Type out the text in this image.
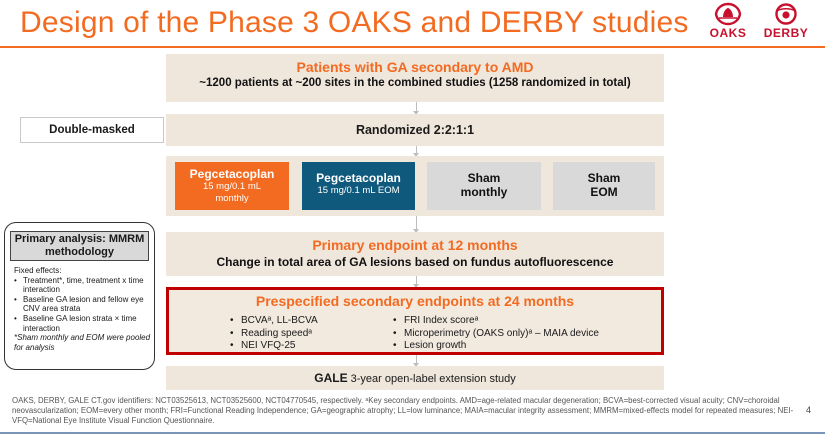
Design of the Phase 3 OAKS and DERBY studies	OAKS	DERBY
Patients with GA secondary to AMD
~1200 patients at ~200 sites in the combined studies (1258 randomized in total)
Double-masked	Randomized 2:2:1:1
Pegcetacoplan
15 mg/0.1 mL
monthly
Pegcetacoplan
15 mg/0.1 mL EOM
Sham
monthly
Sham
EOM
Primary endpoint at 12 months
Change in total area of GA lesions based on fundus autofluorescence
Prespecified secondary endpoints at 24 months
• BCVAᵃ, LL-BCVA
• Reading speedᵃ
• NEI VFQ-25
• FRI Index scoreᵃ
• Microperimetry (OAKS only)ᵃ – MAIA device
• Lesion growth
GALE 3-year open-label extension study
Primary analysis: MMRM methodology
Fixed effects:
• Treatment*, time, treatment x time interaction
• Baseline GA lesion and fellow eye CNV area strata
• Baseline GA lesion strata × time interaction
*Sham monthly and EOM were pooled for analysis
OAKS, DERBY, GALE CT.gov identifiers: NCT03525613, NCT03525600, NCT04770545, respectively. ᵃKey secondary endpoints. AMD=age-related macular degeneration; BCVA=best-corrected visual acuity; CNV=choroidal neovascularization; EOM=every other month; FRI=Functional Reading Independence; GA=geographic atrophy; LL=low luminance; MAIA=macular integrity assessment; MMRM=mixed-effects model for repeated measures; NEI-VFQ=National Eye Institute Visual Function Questionnaire.
4
